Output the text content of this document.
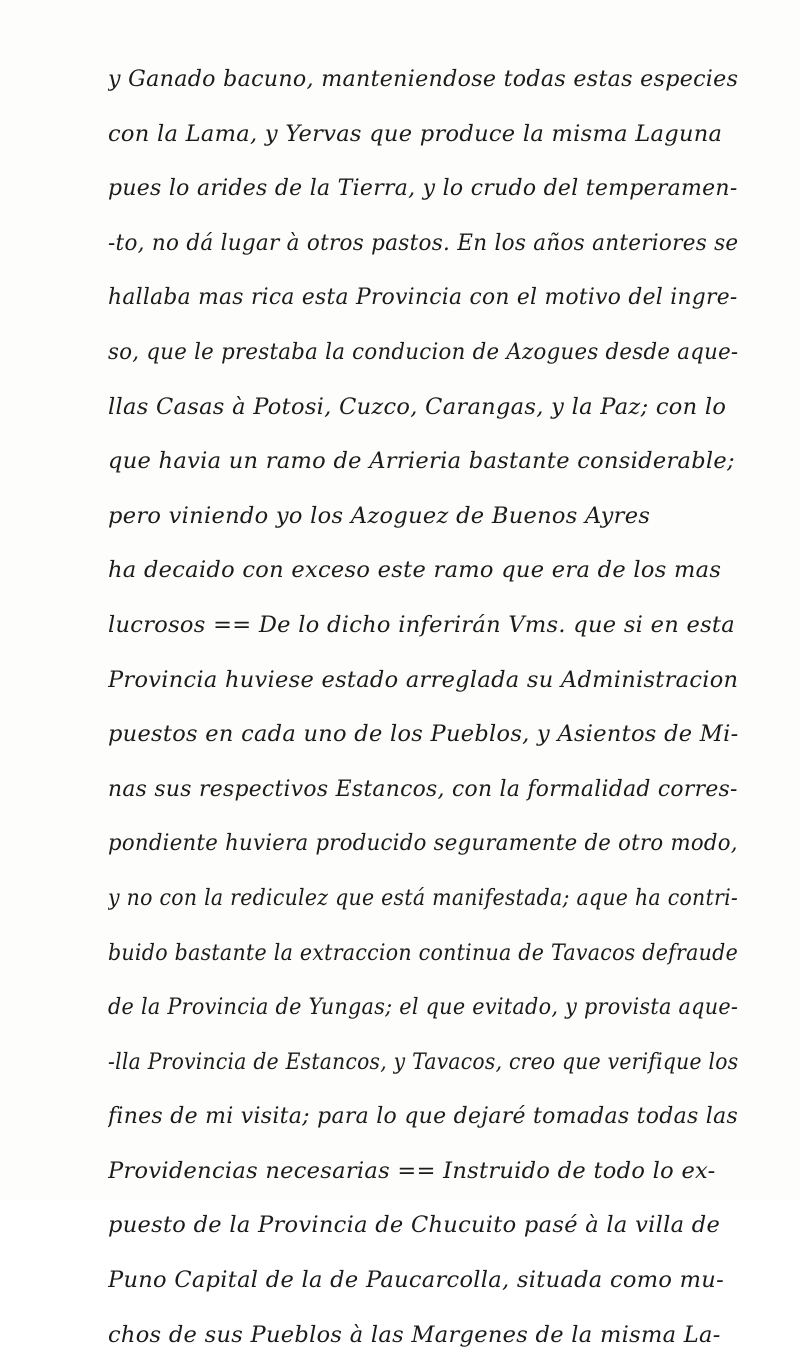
y Ganado bacuno, manteniendose todas estas especies
con la Lama, y Yervas que produce la misma Laguna
pues lo arides de la Tierra, y lo crudo del temperamen-
-to, no dá lugar à otros pastos. En los años anteriores se
hallaba mas rica esta Provincia con el motivo del ingre-
so, que le prestaba la conducion de Azogues desde aque-
llas Casas à Potosi, Cuzco, Carangas, y la Paz; con lo
que havia un ramo de Arrieria bastante considerable;
pero viniendo yo los Azoguez de Buenos Ayres
ha decaido con exceso este ramo que era de los mas
lucrosos == De lo dicho inferirán Vms. que si en esta
Provincia huviese estado arreglada su Administracion
puestos en cada uno de los Pueblos, y Asientos de Mi-
nas sus respectivos Estancos, con la formalidad corres-
pondiente huviera producido seguramente de otro modo,
y no con la rediculez que está manifestada; aque ha contri-
buido bastante la extraccion continua de Tavacos defraude
de la Provincia de Yungas; el que evitado, y provista aque-
-lla Provincia de Estancos, y Tavacos, creo que verifique los
fines de mi visita; para lo que dejaré tomadas todas las
Providencias necesarias == Instruido de todo lo ex-
puesto de la Provincia de Chucuito pasé à la villa de
Puno Capital de la de Paucarcolla, situada como mu-
chos de sus Pueblos à las Margenes de la misma La-
